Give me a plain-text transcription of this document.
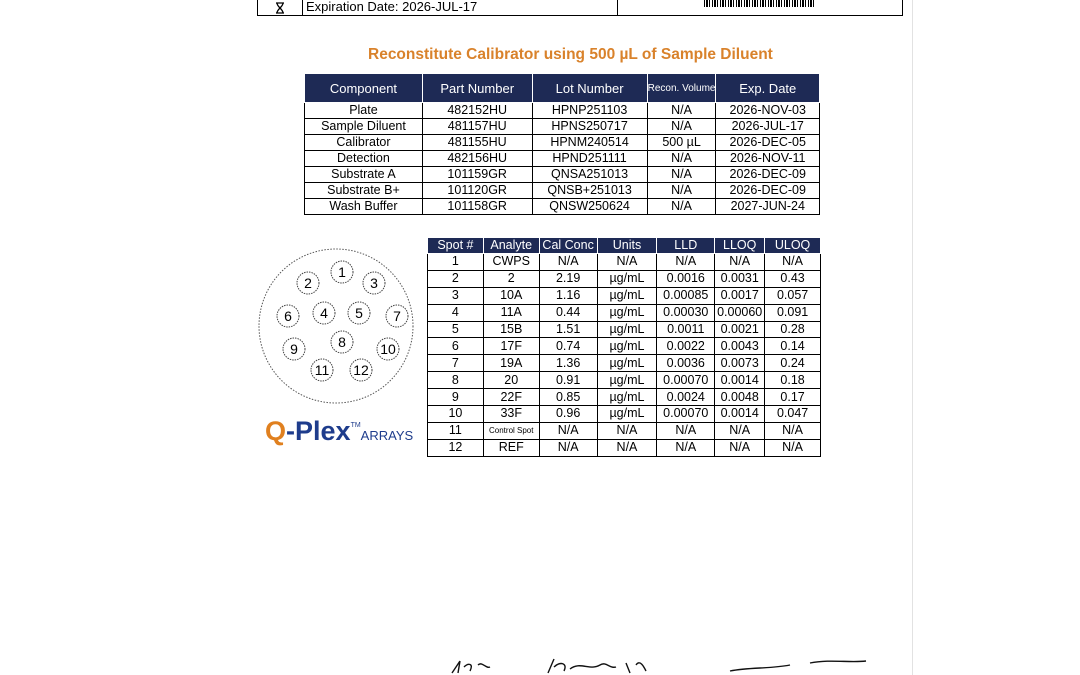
Expiration Date: 2026-JUL-17
Reconstitute Calibrator using 500 µL of Sample Diluent
Component	Part Number	Lot Number	Recon. Volume	Exp. Date
Plate	482152HU	HPNP251103	N/A	2026-NOV-03
Sample Diluent	481157HU	HPNS250717	N/A	2026-JUL-17
Calibrator	481155HU	HPNM240514	500 µL	2026-DEC-05
Detection	482156HU	HPND251111	N/A	2026-NOV-11
Substrate A	101159GR	QNSA251013	N/A	2026-DEC-09
Substrate B+	101120GR	QNSB+251013	N/A	2026-DEC-09
Wash Buffer	101158GR	QNSW250624	N/A	2027-JUN-24
1
2	3
4 5
6	7
8
9	10
11 12
Q-Plex™ARRAYS
Spot #	Analyte	Cal Conc	Units	LLD	LLOQ	ULOQ
1	CWPS	N/A	N/A	N/A	N/A	N/A
2	2	2.19	µg/mL	0.0016	0.0031	0.43
3	10A	1.16	µg/mL	0.00085	0.0017	0.057
4	11A	0.44	µg/mL	0.00030	0.00060	0.091
5	15B	1.51	µg/mL	0.0011	0.0021	0.28
6	17F	0.74	µg/mL	0.0022	0.0043	0.14
7	19A	1.36	µg/mL	0.0036	0.0073	0.24
8	20	0.91	µg/mL	0.00070	0.0014	0.18
9	22F	0.85	µg/mL	0.0024	0.0048	0.17
10	33F	0.96	µg/mL	0.00070	0.0014	0.047
11	Control Spot	N/A	N/A	N/A	N/A	N/A
12	REF	N/A	N/A	N/A	N/A	N/A
